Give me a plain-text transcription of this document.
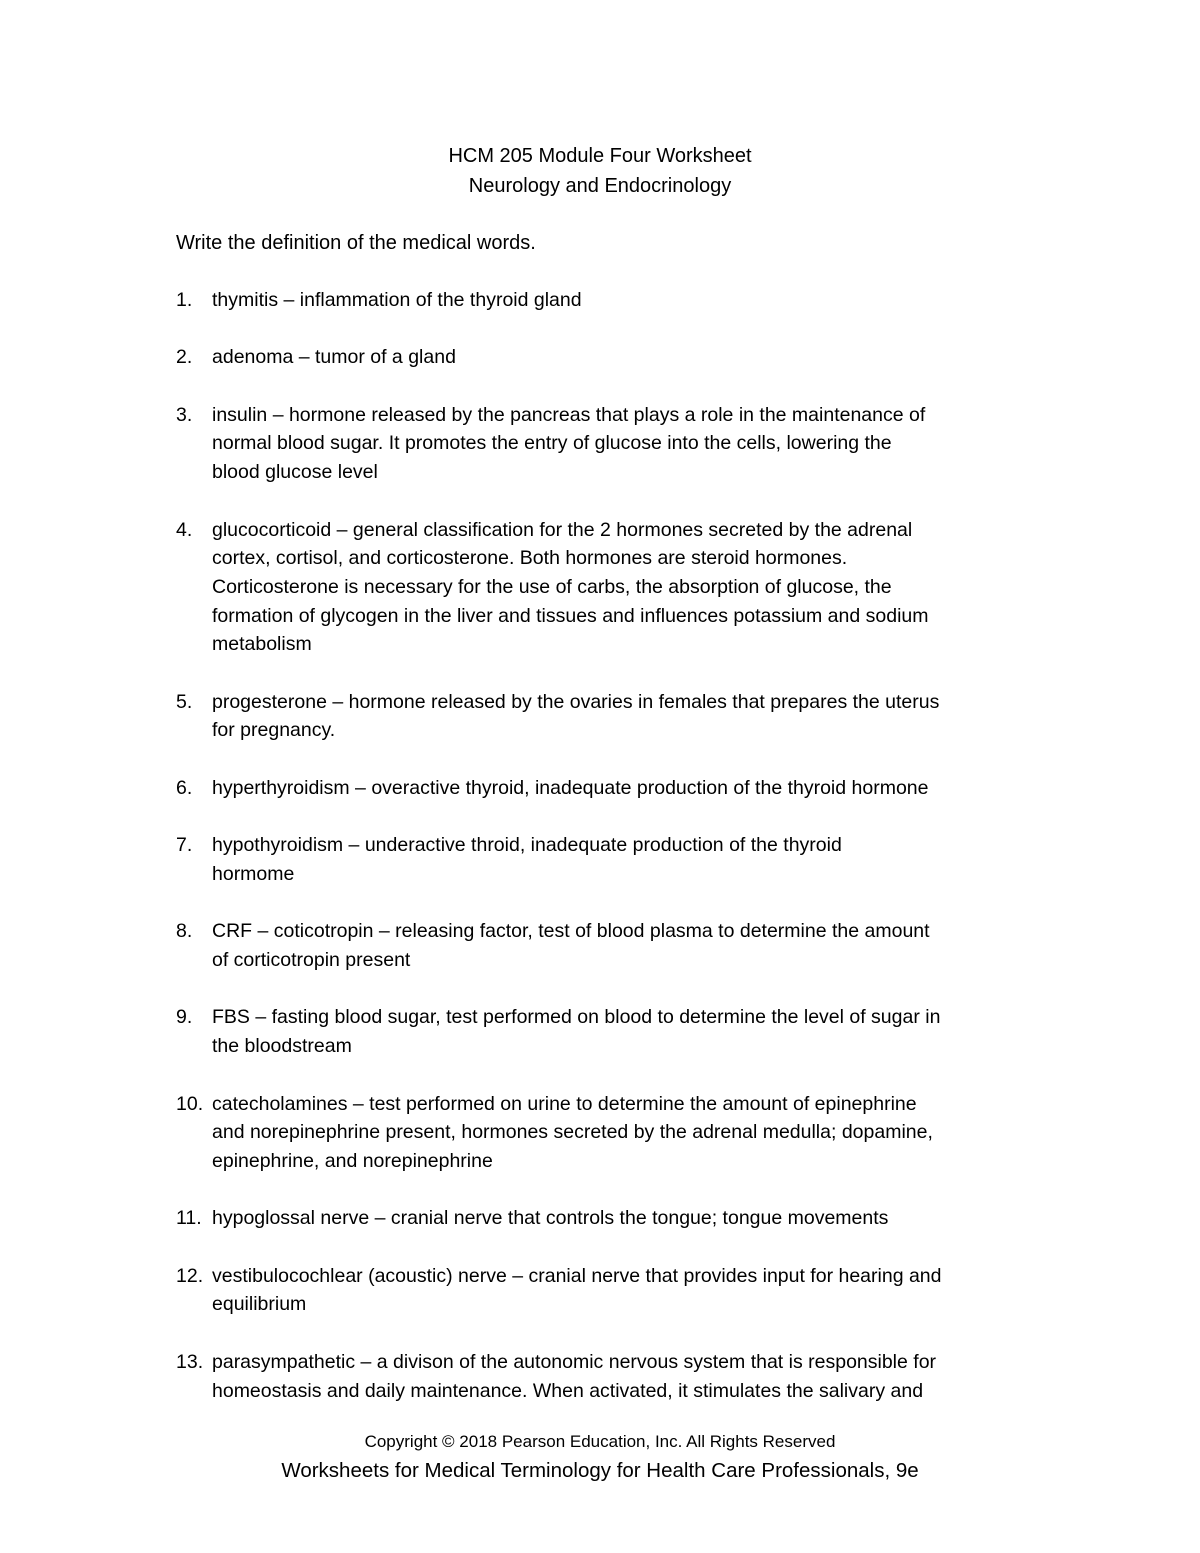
HCM 205 Module Four Worksheet
Neurology and Endocrinology
Write the definition of the medical words.
1. thymitis – inflammation of the thyroid gland
2. adenoma – tumor of a gland
3. insulin – hormone released by the pancreas that plays a role in the maintenance of
normal blood sugar. It promotes the entry of glucose into the cells, lowering the
blood glucose level
4. glucocorticoid – general classification for the 2 hormones secreted by the adrenal
cortex, cortisol, and corticosterone. Both hormones are steroid hormones.
Corticosterone is necessary for the use of carbs, the absorption of glucose, the
formation of glycogen in the liver and tissues and influences potassium and sodium
metabolism
5. progesterone – hormone released by the ovaries in females that prepares the uterus
for pregnancy.
6. hyperthyroidism – overactive thyroid, inadequate production of the thyroid hormone
7. hypothyroidism – underactive throid, inadequate production of the thyroid
hormome
8. CRF – coticotropin – releasing factor, test of blood plasma to determine the amount
of corticotropin present
9. FBS – fasting blood sugar, test performed on blood to determine the level of sugar in
the bloodstream
10. catecholamines – test performed on urine to determine the amount of epinephrine
and norepinephrine present, hormones secreted by the adrenal medulla; dopamine,
epinephrine, and norepinephrine
11. hypoglossal nerve – cranial nerve that controls the tongue; tongue movements
12. vestibulocochlear (acoustic) nerve – cranial nerve that provides input for hearing and
equilibrium
13. parasympathetic – a divison of the autonomic nervous system that is responsible for
homeostasis and daily maintenance. When activated, it stimulates the salivary and
Copyright © 2018 Pearson Education, Inc. All Rights Reserved
Worksheets for Medical Terminology for Health Care Professionals, 9e
